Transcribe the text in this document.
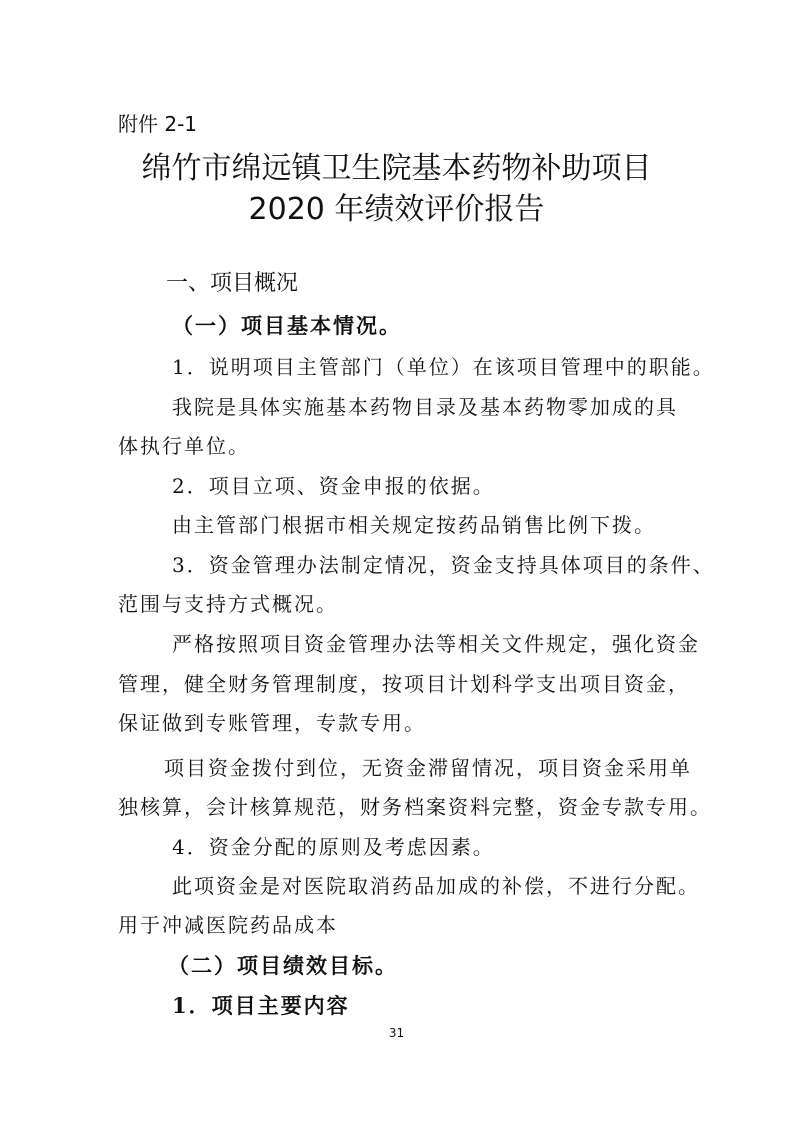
附件 2-1
绵竹市绵远镇卫生院基本药物补助项目
2020 年绩效评价报告
一、项目概况
（一）项目基本情况。
1．说明项目主管部门（单位）在该项目管理中的职能。
我院是具体实施基本药物目录及基本药物零加成的具
体执行单位。
2．项目立项、资金申报的依据。
由主管部门根据市相关规定按药品销售比例下拨。
3．资金管理办法制定情况，资金支持具体项目的条件、
范围与支持方式概况。
严格按照项目资金管理办法等相关文件规定，强化资金
管理，健全财务管理制度，按项目计划科学支出项目资金，
保证做到专账管理，专款专用。
项目资金拨付到位，无资金滞留情况，项目资金采用单
独核算，会计核算规范，财务档案资料完整，资金专款专用。
4．资金分配的原则及考虑因素。
此项资金是对医院取消药品加成的补偿，不进行分配。
用于冲减医院药品成本
（二）项目绩效目标。
1．项目主要内容
31
